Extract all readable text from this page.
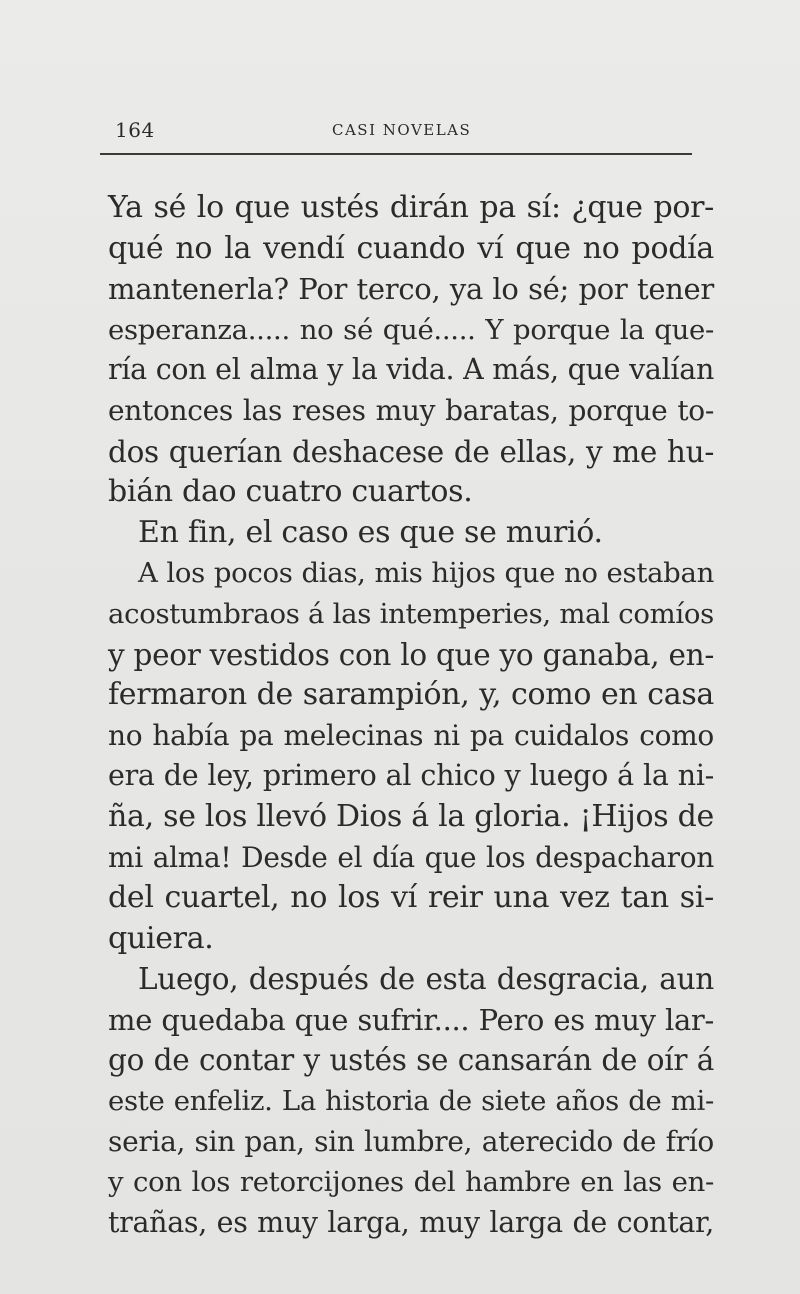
164	CASI NOVELAS
Ya sé lo que ustés dirán pa sí: ¿que por-
qué no la vendí cuando ví que no podía
mantenerla? Por terco, ya lo sé; por tener
esperanza..... no sé qué..... Y porque la que-
ría con el alma y la vida. A más, que valían
entonces las reses muy baratas, porque to-
dos querían deshacese de ellas, y me hu-
bián dao cuatro cuartos.
En fin, el caso es que se murió.
A los pocos dias, mis hijos que no estaban
acostumbraos á las intemperies, mal comíos
y peor vestidos con lo que yo ganaba, en-
fermaron de sarampión, y, como en casa
no había pa melecinas ni pa cuidalos como
era de ley, primero al chico y luego á la ni-
ña, se los llevó Dios á la gloria. ¡Hijos de
mi alma! Desde el día que los despacharon
del cuartel, no los ví reir una vez tan si-
quiera.
Luego, después de esta desgracia, aun
me quedaba que sufrir.... Pero es muy lar-
go de contar y ustés se cansarán de oír á
este enfeliz. La historia de siete años de mi-
seria, sin pan, sin lumbre, aterecido de frío
y con los retorcijones del hambre en las en-
trañas, es muy larga, muy larga de contar,
